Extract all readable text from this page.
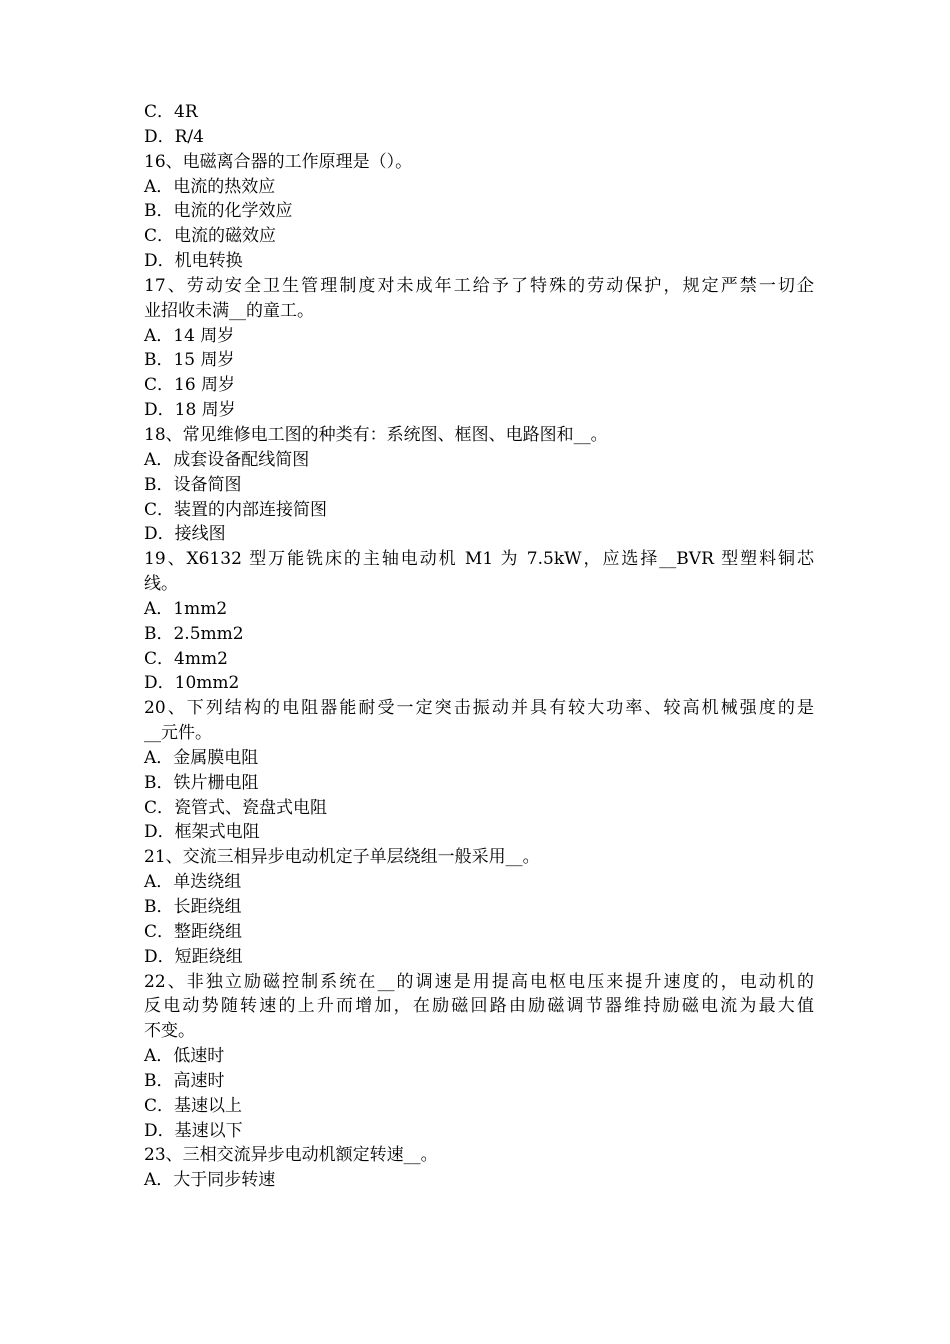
C．4R
D．R/4
16、电磁离合器的工作原理是（）。
A．电流的热效应
B．电流的化学效应
C．电流的磁效应
D．机电转换
17、劳动安全卫生管理制度对未成年工给予了特殊的劳动保护，规定严禁一切企
业招收未满__的童工。
A．14 周岁
B．15 周岁
C．16 周岁
D．18 周岁
18、常见维修电工图的种类有：系统图、框图、电路图和__。
A．成套设备配线简图
B．设备简图
C．装置的内部连接简图
D．接线图
19、X6132 型万能铣床的主轴电动机 M1 为 7.5kW，应选择__BVR 型塑料铜芯
线。
A．1mm2
B．2.5mm2
C．4mm2
D．10mm2
20、下列结构的电阻器能耐受一定突击振动并具有较大功率、较高机械强度的是
__元件。
A．金属膜电阻
B．铁片栅电阻
C．瓷管式、瓷盘式电阻
D．框架式电阻
21、交流三相异步电动机定子单层绕组一般采用__。
A．单迭绕组
B．长距绕组
C．整距绕组
D．短距绕组
22、非独立励磁控制系统在__的调速是用提高电枢电压来提升速度的，电动机的
反电动势随转速的上升而增加，在励磁回路由励磁调节器维持励磁电流为最大值
不变。
A．低速时
B．高速时
C．基速以上
D．基速以下
23、三相交流异步电动机额定转速__。
A．大于同步转速
